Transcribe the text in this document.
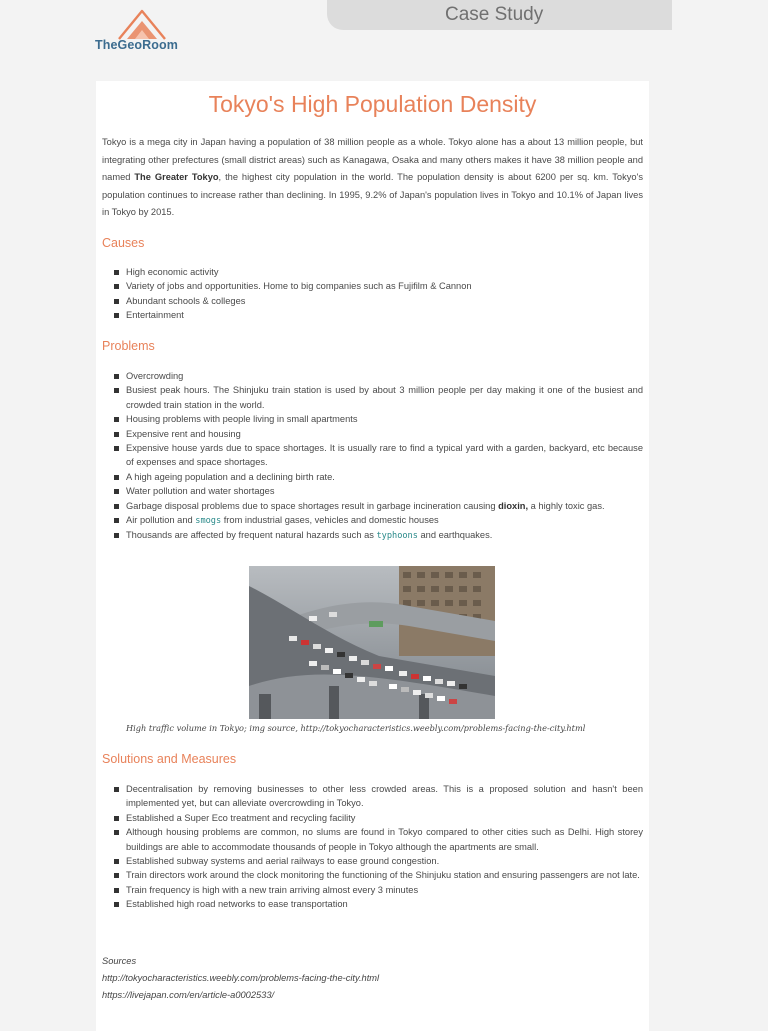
TheGeoRoom
Case Study
Tokyo's High Population Density

Tokyo is a mega city in Japan having a population of 38 million people as a whole. Tokyo alone has a about 13 million people, but integrating other prefectures (small district areas) such as Kanagawa, Osaka and many others makes it have 38 million people and named The Greater Tokyo, the highest city population in the world. The population density is about 6200 per sq. km. Tokyo's population continues to increase rather than declining. In 1995, 9.2% of Japan's population lives in Tokyo and 10.1% of Japan lives in Tokyo by 2015.

Causes
High economic activity
Variety of jobs and opportunities. Home to big companies such as Fujifilm & Cannon
Abundant schools & colleges
Entertainment
Problems
Overcrowding
Busiest peak hours. The Shinjuku train station is used by about 3 million people per day making it one of the busiest and crowded train station in the world.
Housing problems with people living in small apartments
Expensive rent and housing
Expensive house yards due to space shortages. It is usually rare to find a typical yard with a garden, backyard, etc because of expenses and space shortages.
A high ageing population and a declining birth rate.
Water pollution and water shortages
Garbage disposal problems due to space shortages result in garbage incineration causing dioxin, a highly toxic gas.
Air pollution and smogs from industrial gases, vehicles and domestic houses
Thousands are affected by frequent natural hazards such as typhoons and earthquakes.

High traffic volume in Tokyo; img source, http://tokyocharacteristics.weebly.com/problems-facing-the-city.html

Solutions and Measures
Decentralisation by removing businesses to other less crowded areas. This is a proposed solution and hasn't been implemented yet, but can alleviate overcrowding in Tokyo.
Established a Super Eco treatment and recycling facility
Although housing problems are common, no slums are found in Tokyo compared to other cities such as Delhi. High storey buildings are able to accommodate thousands of people in Tokyo although the apartments are small.
Established subway systems and aerial railways to ease ground congestion.
Train directors work around the clock monitoring the functioning of the Shinjuku station and ensuring passengers are not late.
Train frequency is high with a new train arriving almost every 3 minutes
Established high road networks to ease transportation
Sources
http://tokyocharacteristics.weebly.com/problems-facing-the-city.html
https://livejapan.com/en/article-a0002533/
